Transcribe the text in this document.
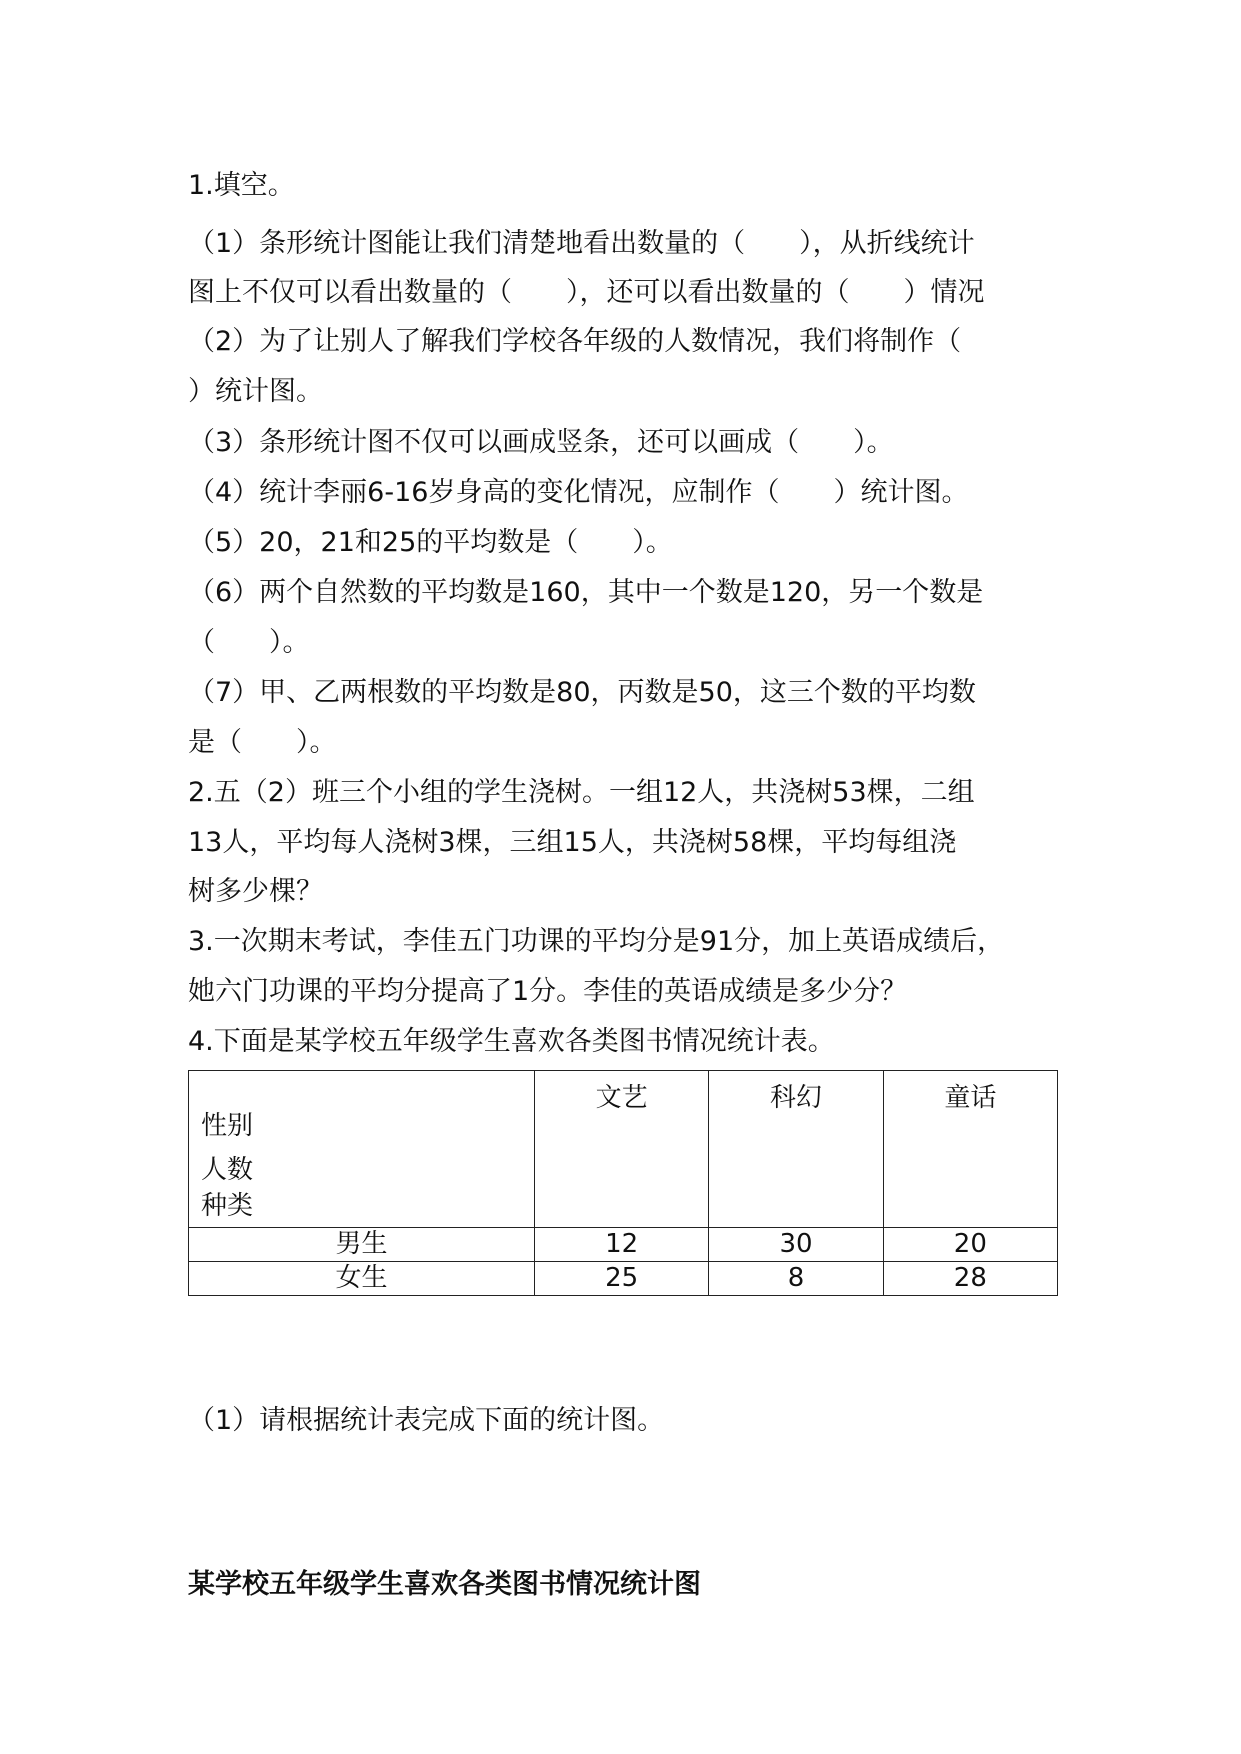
1.填空。
（1）条形统计图能让我们清楚地看出数量的（　　），从折线统计
图上不仅可以看出数量的（　　），还可以看出数量的（　　）情况
（2）为了让别人了解我们学校各年级的人数情况，我们将制作（
）统计图。
（3）条形统计图不仅可以画成竖条，还可以画成（　　）。
（4）统计李丽6-16岁身高的变化情况，应制作（　　）统计图。
（5）20，21和25的平均数是（　　）。
（6）两个自然数的平均数是160，其中一个数是120，另一个数是
（　　）。
（7）甲、乙两根数的平均数是80，丙数是50，这三个数的平均数
是（　　）。
2.五（2）班三个小组的学生浇树。一组12人，共浇树53棵，二组
13人，平均每人浇树3棵，三组15人，共浇树58棵，平均每组浇
树多少棵？
3.一次期末考试，李佳五门功课的平均分是91分，加上英语成绩后，
她六门功课的平均分提高了1分。李佳的英语成绩是多少分？
4.下面是某学校五年级学生喜欢各类图书情况统计表。
性别
人数
种类	文艺	科幻	童话
男生	12	30	20
女生	25	8	28
（1）请根据统计表完成下面的统计图。
某学校五年级学生喜欢各类图书情况统计图
